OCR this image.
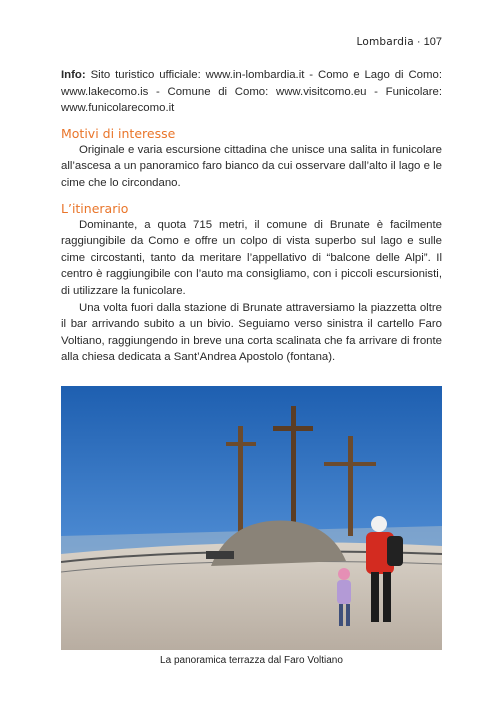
Lombardia · 107

Info: Sito turistico ufficiale: www.in-lombardia.it - Como e Lago di Como: www.lakecomo.is - Comune di Como: www.visitcomo.eu - Funicolare: www.funicolarecomo.it

Motivi di interesse

Originale e varia escursione cittadina che unisce una salita in funicolare all’ascesa a un panoramico faro bianco da cui osservare dall’alto il lago e le cime che lo circondano.

L’itinerario

Dominante, a quota 715 metri, il comune di Brunate è facilmente raggiungibile da Como e offre un colpo di vista superbo sul lago e sulle cime circostanti, tanto da meritare l’appellativo di “balcone delle Alpi”. Il centro è raggiungibile con l’auto ma consigliamo, con i piccoli escursionisti, di utilizzare la funicolare.

Una volta fuori dalla stazione di Brunate attraversiamo la piazzetta oltre il bar arrivando subito a un bivio. Seguiamo verso sinistra il cartello Faro Voltiano, raggiungendo in breve una corta scalinata che fa arrivare di fronte alla chiesa dedicata a Sant’Andrea Apostolo (fontana).

La panoramica terrazza dal Faro Voltiano
